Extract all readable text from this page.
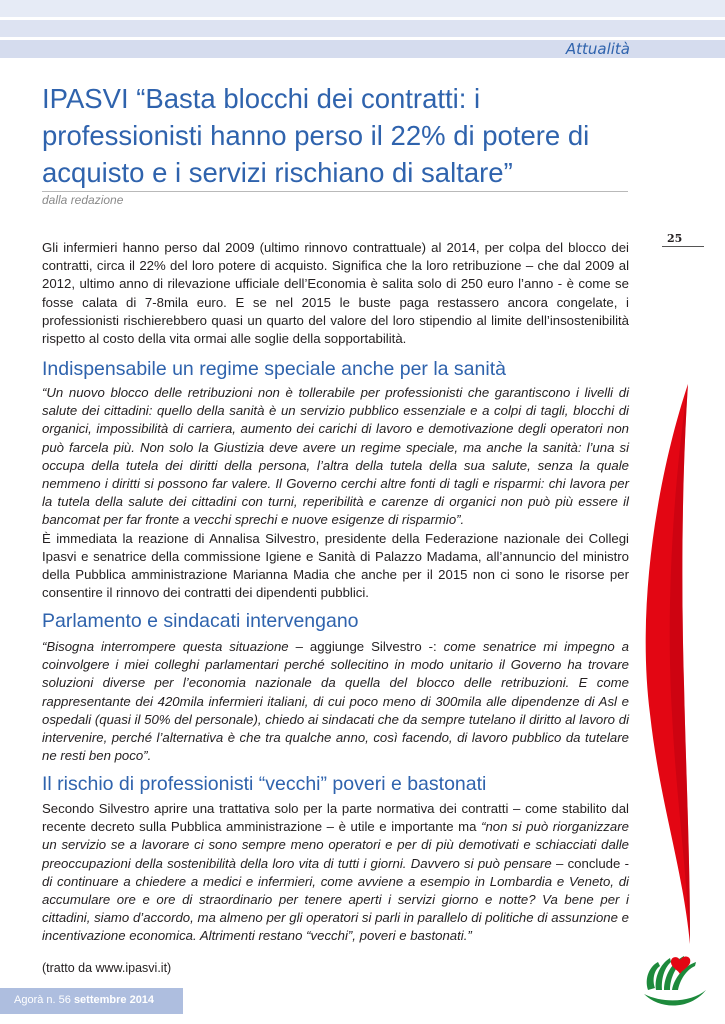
Attualità
IPASVI “Basta blocchi dei contratti: i professionisti hanno perso il 22% di potere di acquisto e i servizi rischiano di saltare”
dalla redazione
25

Gli infermieri hanno perso dal 2009 (ultimo rinnovo contrattuale) al 2014, per colpa del blocco dei contratti, circa il 22% del loro potere di acquisto. Significa che la loro retribuzione – che dal 2009 al 2012, ultimo anno di rilevazione ufficiale dell’Economia è salita solo di 250 euro l’anno - è come se fosse calata di 7-8mila euro. E se nel 2015 le buste paga restassero ancora congelate, i professionisti rischierebbero quasi un quarto del valore del loro stipendio al limite dell’insostenibilità rispetto al costo della vita ormai alle soglie della sopportabilità.

Indispensabile un regime speciale anche per la sanità
“Un nuovo blocco delle retribuzioni non è tollerabile per professionisti che garantiscono i livelli di salute dei cittadini: quello della sanità è un servizio pubblico essenziale e a colpi di tagli, blocchi di organici, impossibilità di carriera, aumento dei carichi di lavoro e demotivazione degli operatori non può farcela più. Non solo la Giustizia deve avere un regime speciale, ma anche la sanità: l’una si occupa della tutela dei diritti della persona, l’altra della tutela della sua salute, senza la quale nemmeno i diritti si possono far valere. Il Governo cerchi altre fonti di tagli e risparmi: chi lavora per la tutela della salute dei cittadini con turni, reperibilità e carenze di organici non può più essere il bancomat per far fronte a vecchi sprechi e nuove esigenze di risparmio”.
È immediata la reazione di Annalisa Silvestro, presidente della Federazione nazionale dei Collegi Ipasvi e senatrice della commissione Igiene e Sanità di Palazzo Madama, all’annuncio del ministro della Pubblica amministrazione Marianna Madia che anche per il 2015 non ci sono le risorse per consentire il rinnovo dei contratti dei dipendenti pubblici.
Parlamento e sindacati intervengano
“Bisogna interrompere questa situazione – aggiunge Silvestro -: come senatrice mi impegno a coinvolgere i miei colleghi parlamentari perché sollecitino in modo unitario il Governo ha trovare soluzioni diverse per l’economia nazionale da quella del blocco delle retribuzioni. E come rappresentante dei 420mila infermieri italiani, di cui poco meno di 300mila alle dipendenze di Asl e ospedali (quasi il 50% del personale), chiedo ai sindacati che da sempre tutelano il diritto al lavoro di intervenire, perché l’alternativa è che tra qualche anno, così facendo, di lavoro pubblico da tutelare ne resti ben poco”.
Il rischio di professionisti “vecchi” poveri e bastonati
Secondo Silvestro aprire una trattativa solo per la parte normativa dei contratti – come stabilito dal recente decreto sulla Pubblica amministrazione – è utile e importante ma “non si può riorganizzare un servizio se a lavorare ci sono sempre meno operatori e per di più demotivati e schiacciati dalle preoccupazioni della sostenibilità della loro vita di tutti i giorni. Davvero si può pensare – conclude - di continuare a chiedere a medici e infermieri, come avviene a esempio in Lombardia e Veneto, di accumulare ore e ore di straordinario per tenere aperti i servizi giorno e notte? Va bene per i cittadini, siamo d’accordo, ma almeno per gli operatori si parli in parallelo di politiche di assunzione e incentivazione economica. Altrimenti restano “vecchi”, poveri e bastonati.”
(tratto da www.ipasvi.it)
Agorà n. 56 settembre 2014
